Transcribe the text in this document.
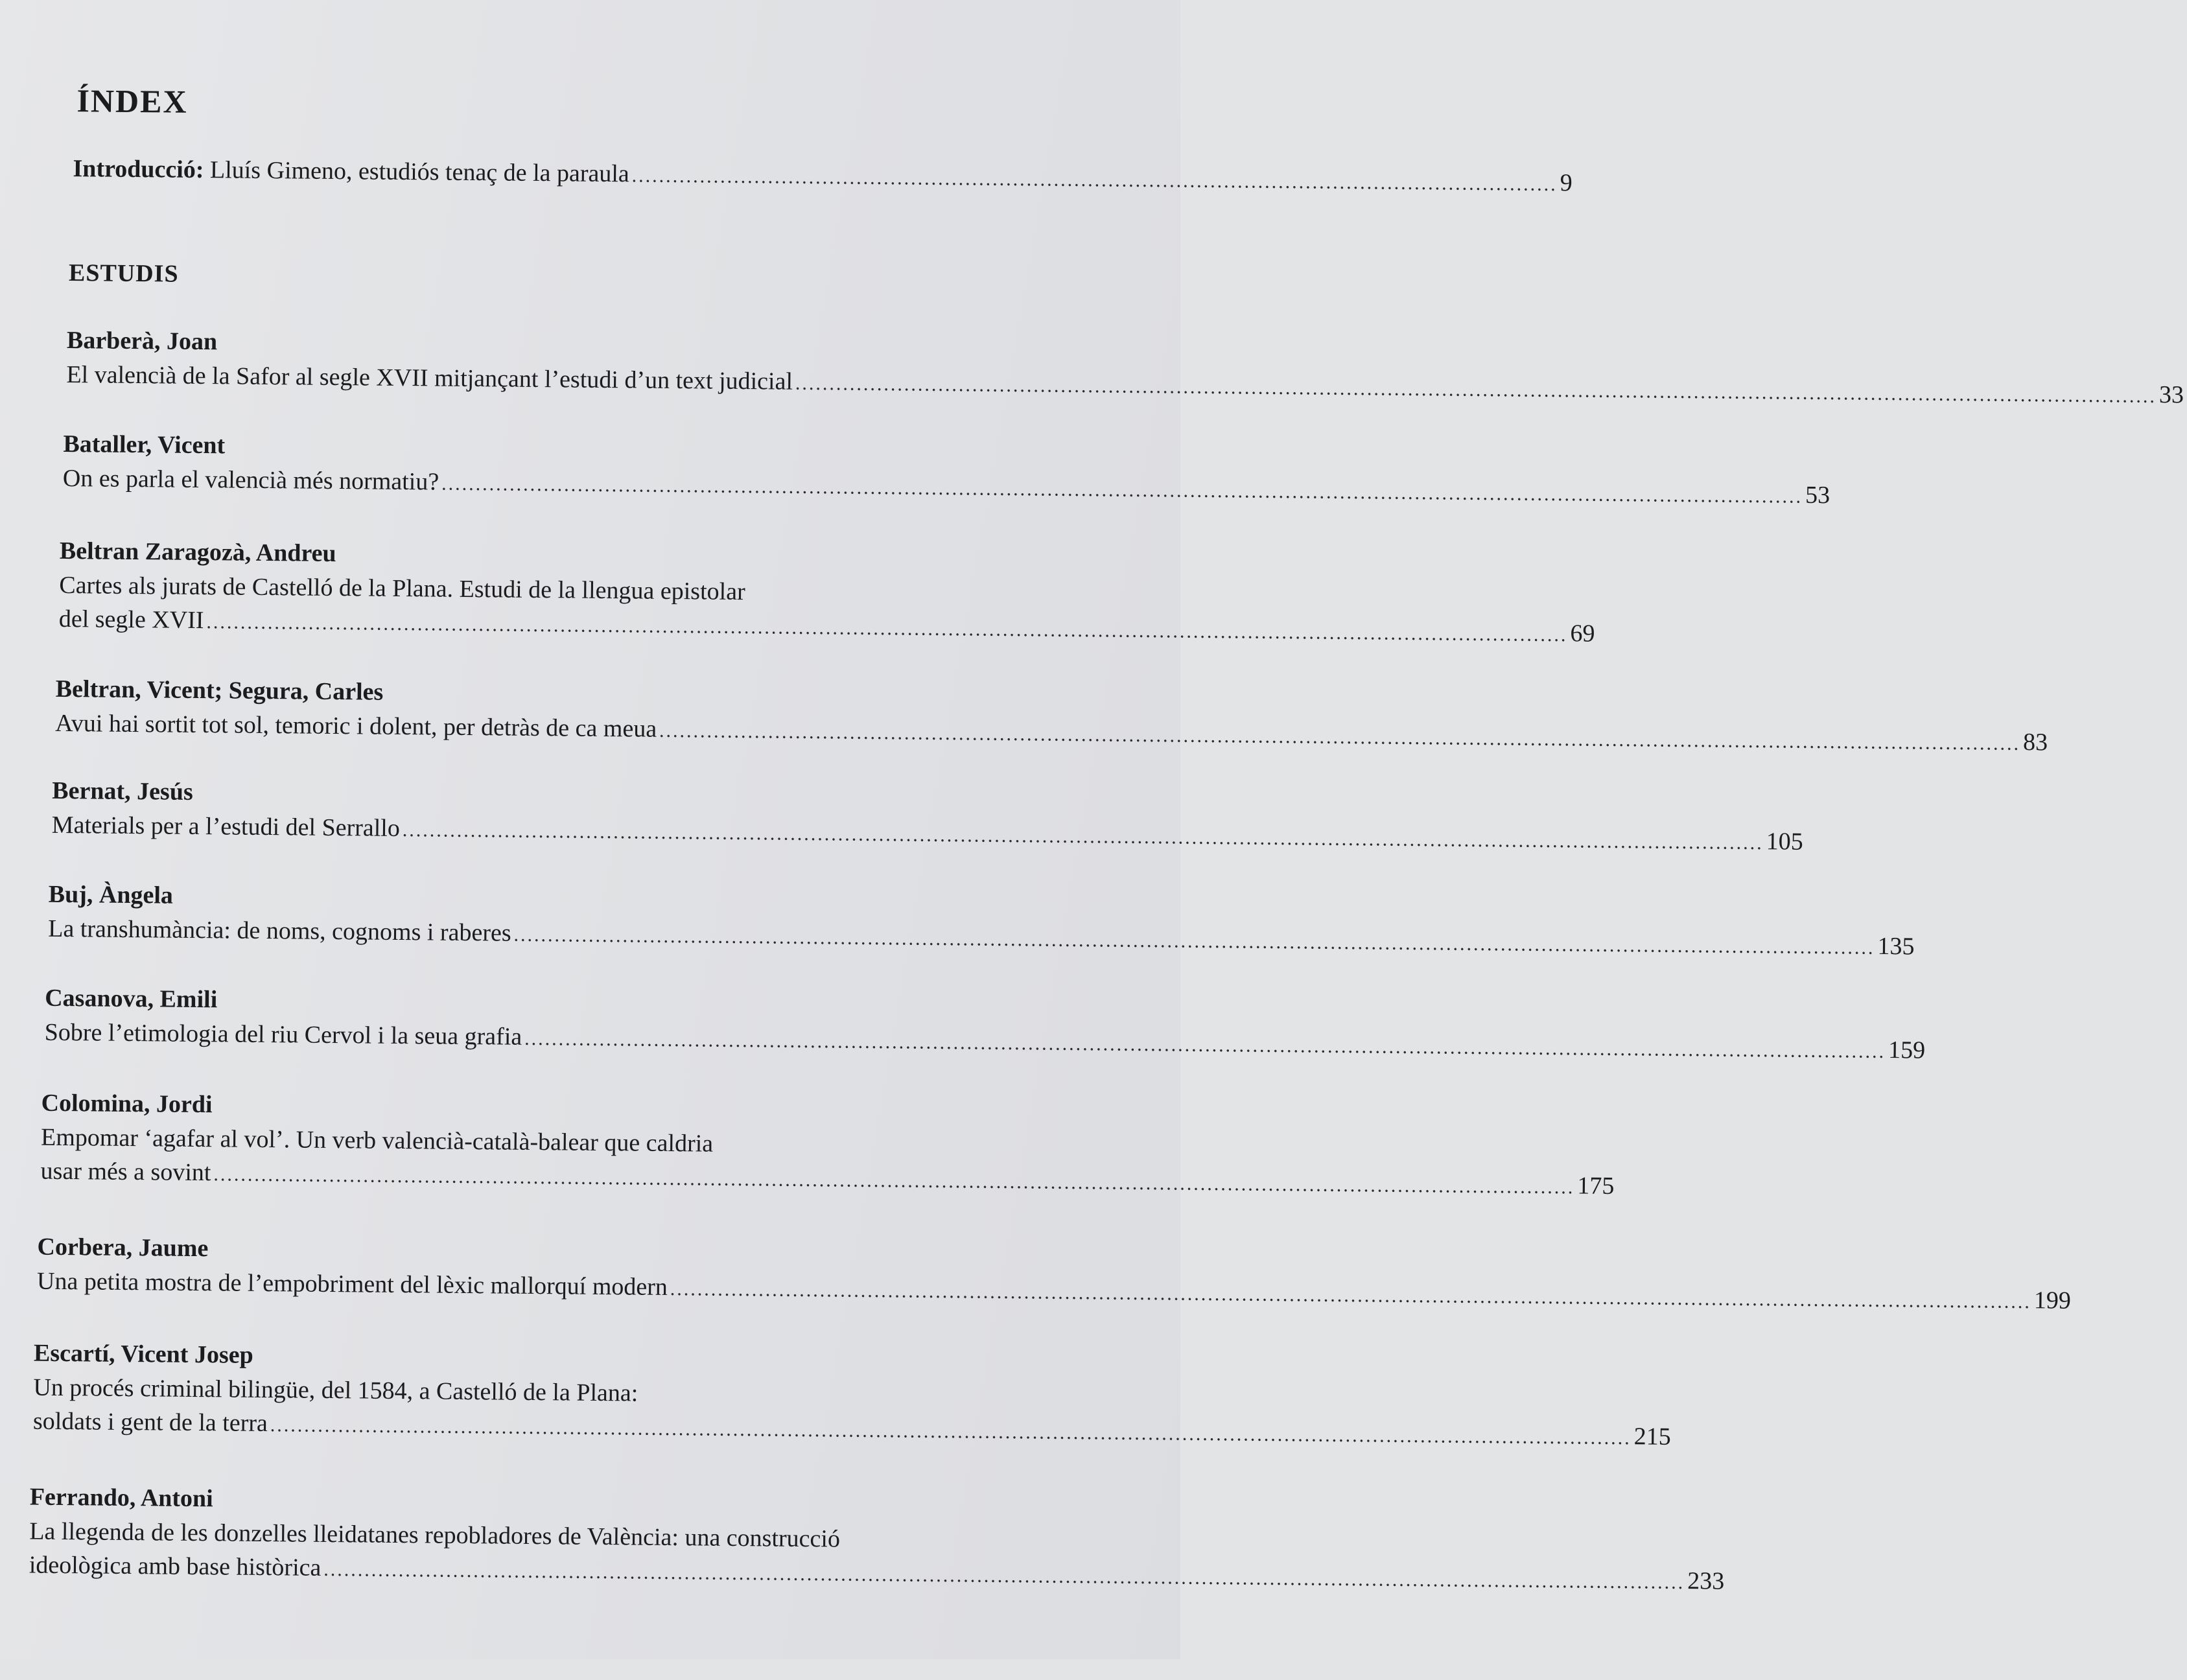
ÍNDEX
Introducció: Lluís Gimeno, estudiós tenaç de la paraula ........................................................................................................................................ 9
ESTUDIS
Barberà, Joan
El valencià de la Safor al segle XVII mitjançant l’estudi d’un text judicial ........................................................................................................................................................................................................ 33
Bataller, Vicent
On es parla el valencià més normatiu? ........................................................................................................................................................................................................ 53
Beltran Zaragozà, Andreu
Cartes als jurats de Castelló de la Plana. Estudi de la llengua epistolar
del segle XVII ........................................................................................................................................................................................................ 69
Beltran, Vicent; Segura, Carles
Avui hai sortit tot sol, temoric i dolent, per detràs de ca meua ........................................................................................................................................................................................................ 83
Bernat, Jesús
Materials per a l’estudi del Serrallo ........................................................................................................................................................................................................ 105
Buj, Àngela
La transhumància: de noms, cognoms i raberes ........................................................................................................................................................................................................ 135
Casanova, Emili
Sobre l’etimologia del riu Cervol i la seua grafia ........................................................................................................................................................................................................ 159
Colomina, Jordi
Empomar ‘agafar al vol’. Un verb valencià-català-balear que caldria
usar més a sovint ........................................................................................................................................................................................................ 175
Corbera, Jaume
Una petita mostra de l’empobriment del lèxic mallorquí modern ........................................................................................................................................................................................................ 199
Escartí, Vicent Josep
Un procés criminal bilingüe, del 1584, a Castelló de la Plana:
soldats i gent de la terra ........................................................................................................................................................................................................ 215
Ferrando, Antoni
La llegenda de les donzelles lleidatanes repobladores de València: una construcció
ideològica amb base històrica ........................................................................................................................................................................................................ 233
